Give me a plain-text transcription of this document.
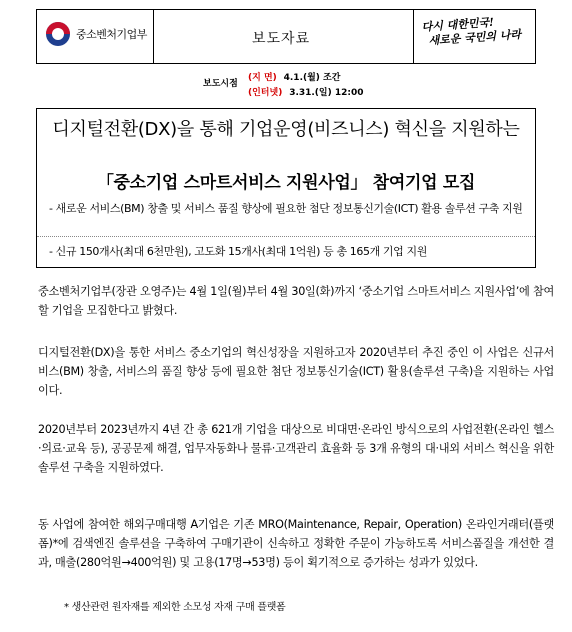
중소벤처기업부	보도자료
다시 대한민국!
새로운 국민의 나라
보도시점
(지 면) 4.1.(월) 조간
(인터넷) 3.31.(일) 12:00
디지털전환(DX)을 통해 기업운영(비즈니스) 혁신을 지원하는
「중소기업 스마트서비스 지원사업」 참여기업 모집
- 새로운 서비스(BM) 창출 및 서비스 품질 향상에 필요한 첨단 정보통신기술(ICT) 활용 솔루션 구축 지원
- 신규 150개사(최대 6천만원), 고도화 15개사(최대 1억원) 등 총 165개 기업 지원
중소벤처기업부(장관 오영주)는 4월 1일(월)부터 4월 30일(화)까지 ‘중소기업 스마트서비스 지원사업’에 참여할 기업을 모집한다고 밝혔다.
디지털전환(DX)을 통한 서비스 중소기업의 혁신성장을 지원하고자 2020년부터 추진 중인 이 사업은 신규서비스(BM) 창출, 서비스의 품질 향상 등에 필요한 첨단 정보통신기술(ICT) 활용(솔루션 구축)을 지원하는 사업이다.
2020년부터 2023년까지 4년 간 총 621개 기업을 대상으로 비대면·온라인 방식으로의 사업전환(온라인 헬스·의료·교육 등), 공공문제 해결, 업무자동화나 물류·고객관리 효율화 등 3개 유형의 대·내외 서비스 혁신을 위한 솔루션 구축을 지원하였다.
동 사업에 참여한 해외구매대행 A기업은 기존 MRO(Maintenance, Repair, Operation) 온라인거래터(플랫폼)*에 검색엔진 솔루션을 구축하여 구매기관이 신속하고 정확한 주문이 가능하도록 서비스품질을 개선한 결과, 매출(280억원→400억원) 및 고용(17명→53명) 등이 획기적으로 증가하는 성과가 있었다.
* 생산관련 원자재를 제외한 소모성 자재 구매 플랫폼
